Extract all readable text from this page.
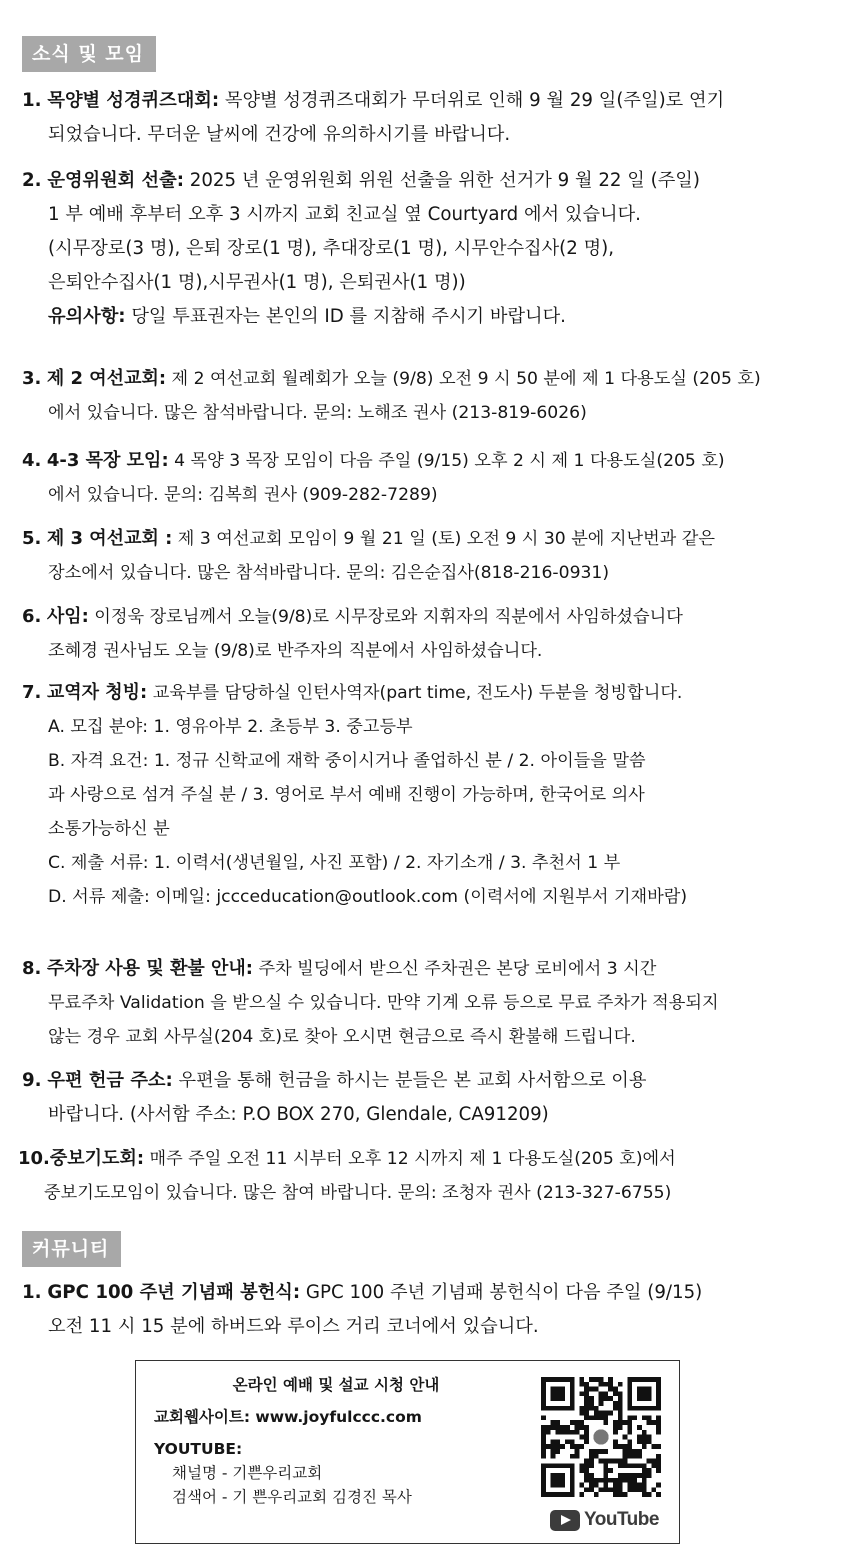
소식 및 모임
1. 목양별 성경퀴즈대회: 목양별 성경퀴즈대회가 무더위로 인해 9 월 29 일(주일)로 연기
되었습니다. 무더운 날씨에 건강에 유의하시기를 바랍니다.
2. 운영위원회 선출: 2025 년 운영위원회 위원 선출을 위한 선거가 9 월 22 일 (주일)
1 부 예배 후부터 오후 3 시까지 교회 친교실 옆 Courtyard 에서 있습니다.
(시무장로(3 명), 은퇴 장로(1 명), 추대장로(1 명), 시무안수집사(2 명),
은퇴안수집사(1 명),시무권사(1 명), 은퇴권사(1 명))
유의사항: 당일 투표권자는 본인의 ID 를 지참해 주시기 바랍니다.
3. 제 2 여선교회: 제 2 여선교회 월례회가 오늘 (9/8) 오전 9 시 50 분에 제 1 다용도실 (205 호)
에서 있습니다. 많은 참석바랍니다. 문의: 노해조 권사 (213-819-6026)
4. 4-3 목장 모임: 4 목양 3 목장 모임이 다음 주일 (9/15) 오후 2 시 제 1 다용도실(205 호)
에서 있습니다. 문의: 김복희 권사 (909-282-7289)
5. 제 3 여선교회 : 제 3 여선교회 모임이 9 월 21 일 (토) 오전 9 시 30 분에 지난번과 같은
장소에서 있습니다. 많은 참석바랍니다. 문의: 김은순집사(818-216-0931)
6. 사임: 이정욱 장로님께서 오늘(9/8)로 시무장로와 지휘자의 직분에서 사임하셨습니다
조혜경 권사님도 오늘 (9/8)로 반주자의 직분에서 사임하셨습니다.
7. 교역자 청빙: 교육부를 담당하실 인턴사역자(part time, 전도사) 두분을 청빙합니다.
A. 모집 분야: 1. 영유아부 2. 초등부 3. 중고등부
B. 자격 요건: 1. 정규 신학교에 재학 중이시거나 졸업하신 분 / 2. 아이들을 말씀
과 사랑으로 섬겨 주실 분 / 3. 영어로 부서 예배 진행이 가능하며, 한국어로 의사
소통가능하신 분
C. 제출 서류: 1. 이력서(생년월일, 사진 포함) / 2. 자기소개 / 3. 추천서 1 부
D. 서류 제출: 이메일: jccceducation@outlook.com (이력서에 지원부서 기재바람)
8. 주차장 사용 및 환불 안내: 주차 빌딩에서 받으신 주차권은 본당 로비에서 3 시간
무료주차 Validation 을 받으실 수 있습니다. 만약 기계 오류 등으로 무료 주차가 적용되지
않는 경우 교회 사무실(204 호)로 찾아 오시면 현금으로 즉시 환불해 드립니다.
9. 우편 헌금 주소: 우편을 통해 헌금을 하시는 분들은 본 교회 사서함으로 이용
바랍니다. (사서함 주소: P.O BOX 270, Glendale, CA91209)
10.중보기도회: 매주 주일 오전 11 시부터 오후 12 시까지 제 1 다용도실(205 호)에서
중보기도모임이 있습니다. 많은 참여 바랍니다. 문의: 조청자 권사 (213-327-6755)
커뮤니티
1. GPC 100 주년 기념패 봉헌식: GPC 100 주년 기념패 봉헌식이 다음 주일 (9/15)
오전 11 시 15 분에 하버드와 루이스 거리 코너에서 있습니다.
온라인 예배 및 설교 시청 안내
교회웹사이트: www.joyfulccc.com
YOUTUBE:
채널명 - 기쁜우리교회
검색어 - 기 쁜우리교회 김경진 목사
YouTube
